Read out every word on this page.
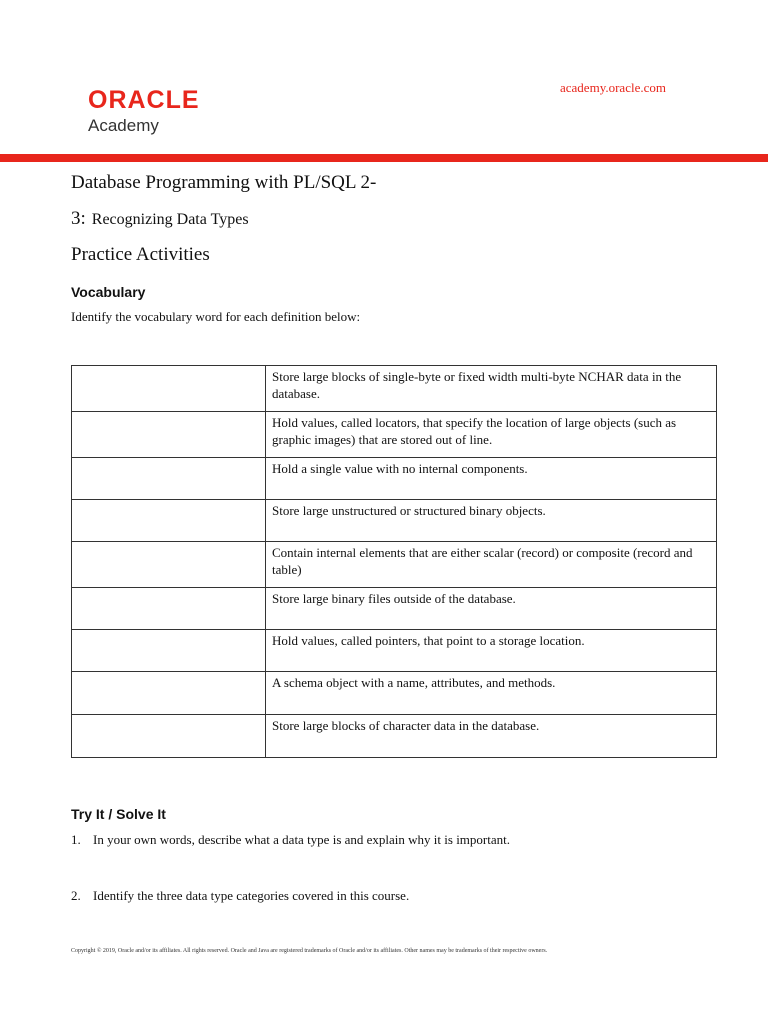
ORACLE
Academy
academy.oracle.com
Database Programming with PL/SQL 2-
3: Recognizing Data Types
Practice Activities
Vocabulary
Identify the vocabulary word for each definition below:
	Store large blocks of single-byte or fixed width multi-byte NCHAR data in the database.
	Hold values, called locators, that specify the location of large objects (such as graphic images) that are stored out of line.
	Hold a single value with no internal components.
	Store large unstructured or structured binary objects.
	Contain internal elements that are either scalar (record) or composite (record and table)
	Store large binary files outside of the database.
	Hold values, called pointers, that point to a storage location.
	A schema object with a name, attributes, and methods.
	Store large blocks of character data in the database.
Try It / Solve It
1. In your own words, describe what a data type is and explain why it is important.
2. Identify the three data type categories covered in this course.
Copyright © 2019, Oracle and/or its affiliates. All rights reserved. Oracle and Java are registered trademarks of Oracle and/or its affiliates. Other names may be trademarks of their respective owners.
